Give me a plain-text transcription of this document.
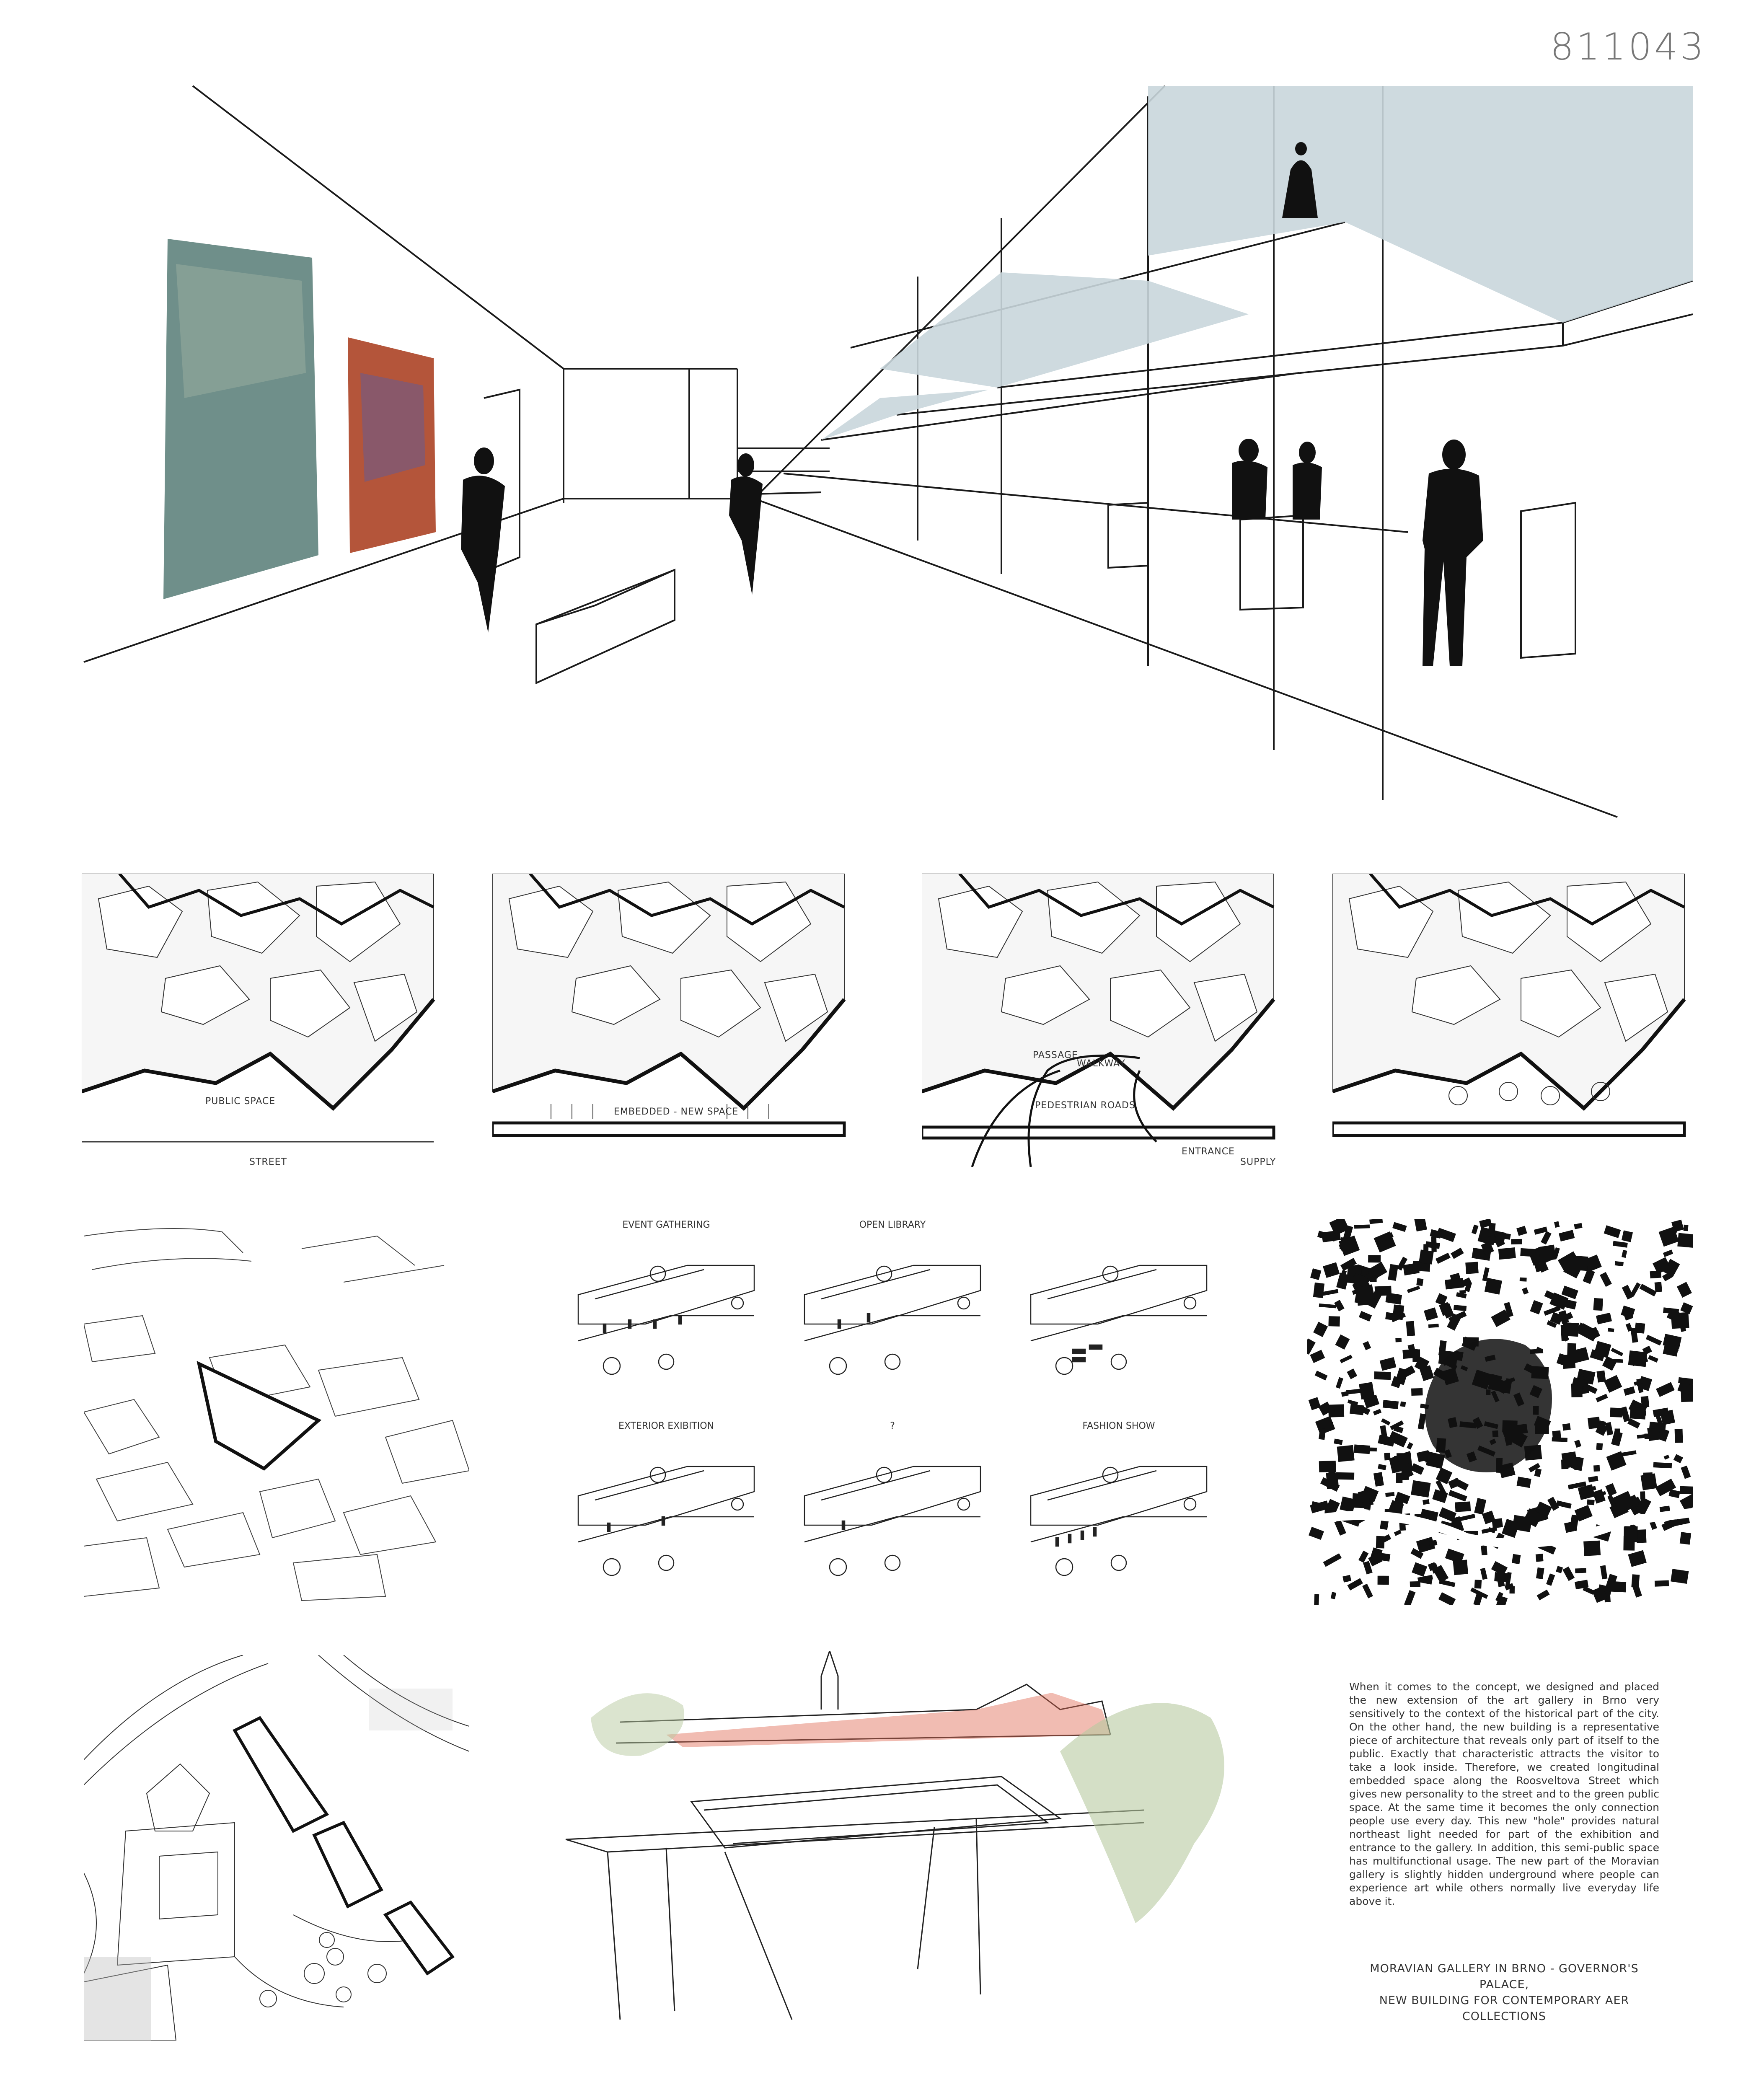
811043
PUBLIC SPACE
STREET
EMBEDDED - NEW SPACE
PASSAGE
WALKWAY
PEDESTRIAN ROADS
ENTRANCE
SUPPLY
EVENT GATHERING	OPEN LIBRARY
EXTERIOR EXIBITION	?	FASHION SHOW
When it comes to the concept, we designed and placed the new extension of the art gallery in Brno very sensitively to the context of the historical part of the city. On the other hand, the new building is a representative piece of architecture that reveals only part of itself to the public. Exactly that characteristic attracts the visitor to take a look inside. Therefore, we created longitudinal embedded space along the Roosveltova Street which gives new personality to the street and to the green public space. At the same time it becomes the only connection people use every day. This new "hole" provides natural northeast light needed for part of the exhibition and entrance to the gallery. In addition, this semi-public space has multifunctional usage. The new part of the Moravian gallery is slightly hidden underground where people can experience art while others normally live everyday life above it.
MORAVIAN GALLERY IN BRNO - GOVERNOR'S PALACE,
NEW BUILDING FOR CONTEMPORARY AER COLLECTIONS
